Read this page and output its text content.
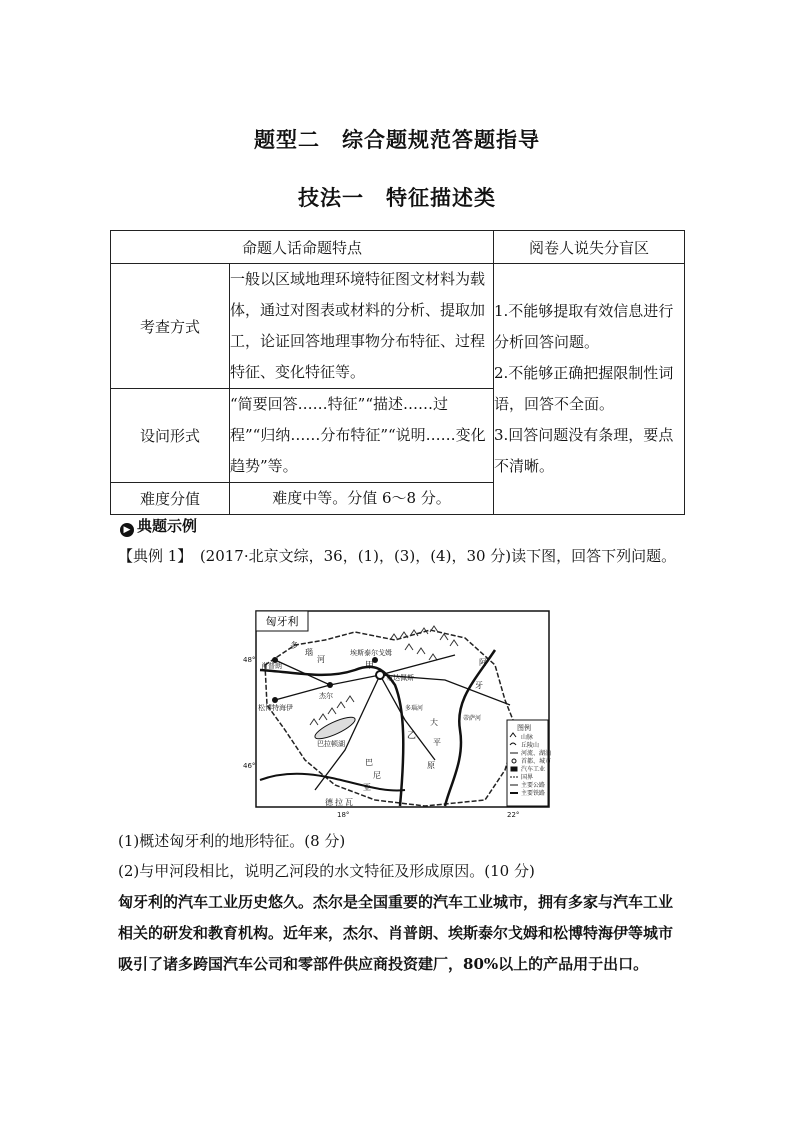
题型二　综合题规范答题指导
技法一　特征描述类
命题人话命题特点		阅卷人说失分盲区
考查方式	一般以区域地理环境特征图文材料为载体，通过对图表或材料的分析、提取加工，论证回答地理事物分布特征、过程特征、变化特征等。	1.不能够提取有效信息进行分析回答问题。
2.不能够正确把握限制性词语，回答不全面。
3.回答问题没有条理，要点不清晰。

设问形式	“简要回答……特征”“描述……过程”“归纳……分布特征”“说明……变化趋势”等。	
难度分值	难度中等。分值 6～8 分。	
▶ 典题示例
【典例 1】　 (2017·北京文综，36，(1)，(3)，(4)，30 分)读下图，回答下列问题。
匈牙利
肖普朗
杰尔
埃斯泰尔戈姆
布达佩斯
松博特海伊
巴拉顿湖
乙
甲
多
瑙
河	阿
牙
大
平
原
巴
尼
亚
德 拉 瓦
多瑙河
蒂萨河
48°
46°
18°	22°
图例
山脉
丘陵山
河流、湖泊
首都、城市
汽车工业
国界
主要公路
主要铁路
(1)概述匈牙利的地形特征。(8 分)
(2)与甲河段相比，说明乙河段的水文特征及形成原因。(10 分)
匈牙利的汽车工业历史悠久。杰尔是全国重要的汽车工业城市，拥有多家与汽车工业相关的研发和教育机构。近年来，杰尔、肖普朗、埃斯泰尔戈姆和松博特海伊等城市吸引了诸多跨国汽车公司和零部件供应商投资建厂，80%以上的产品用于出口。
